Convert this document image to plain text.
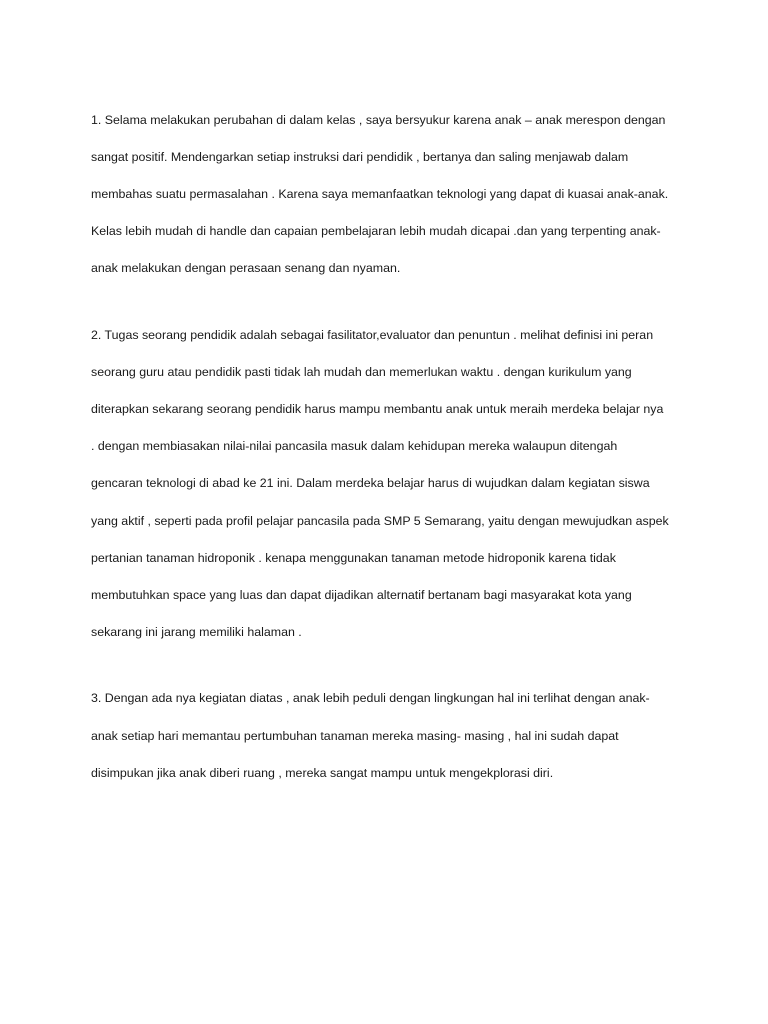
1. Selama melakukan perubahan di dalam kelas , saya bersyukur karena anak – anak merespon dengan

sangat positif. Mendengarkan setiap instruksi dari pendidik , bertanya dan saling menjawab dalam

membahas suatu permasalahan . Karena saya memanfaatkan teknologi yang dapat di kuasai anak-anak.

Kelas lebih mudah di handle dan capaian pembelajaran lebih mudah dicapai .dan yang terpenting anak-

anak melakukan dengan perasaan senang dan nyaman.

2. Tugas seorang pendidik adalah sebagai fasilitator,evaluator dan penuntun . melihat definisi ini peran

seorang guru atau pendidik pasti tidak lah mudah dan memerlukan waktu . dengan kurikulum yang

diterapkan sekarang seorang pendidik harus mampu membantu anak untuk meraih merdeka belajar nya

. dengan membiasakan nilai-nilai pancasila masuk dalam kehidupan mereka walaupun ditengah

gencaran teknologi di abad ke 21 ini. Dalam merdeka belajar harus di wujudkan dalam kegiatan siswa

yang aktif , seperti pada profil pelajar pancasila pada SMP 5 Semarang, yaitu dengan mewujudkan aspek

pertanian tanaman hidroponik . kenapa menggunakan tanaman metode hidroponik karena tidak

membutuhkan space yang luas dan dapat dijadikan alternatif bertanam bagi masyarakat kota yang

sekarang ini jarang memiliki halaman .

3. Dengan ada nya kegiatan diatas , anak lebih peduli dengan lingkungan hal ini terlihat dengan anak-

anak setiap hari memantau pertumbuhan tanaman mereka masing- masing , hal ini sudah dapat

disimpukan jika anak diberi ruang , mereka sangat mampu untuk mengekplorasi diri.
